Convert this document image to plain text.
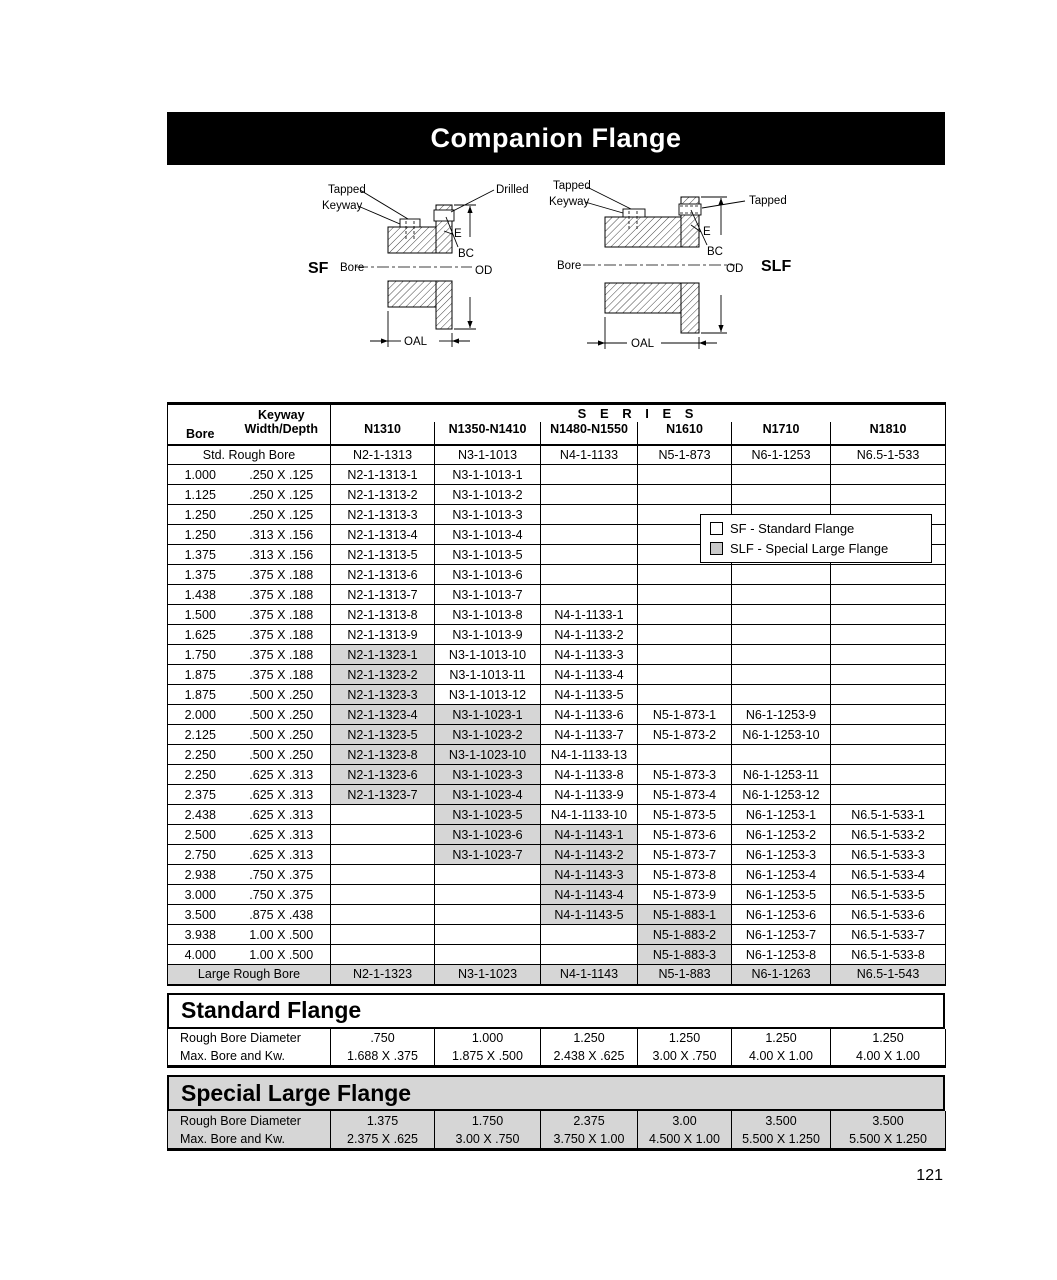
Companion Flange
Tapped
Keyway
Drilled
SF Bore
E
BC
OD
OAL
Tapped
Keyway	Tapped
Bore
E
BC
OD SLF
OAL
Bore	Keyway	S E R I E S					
	Width/Depth	N1310	N1350-N1410	N1480-N1550	N1610	N1710	N1810
Std. Rough Bore		N2-1-1313	N3-1-1013	N4-1-1133	N5-1-873	N6-1-1253	N6.5-1-533
1.000	.250 X .125	N2-1-1313-1	N3-1-1013-1				
1.125	.250 X .125	N2-1-1313-2	N3-1-1013-2				
1.250	.250 X .125	N2-1-1313-3	N3-1-1013-3				
1.250	.313 X .156	N2-1-1313-4	N3-1-1013-4				
1.375	.313 X .156	N2-1-1313-5	N3-1-1013-5				
1.375	.375 X .188	N2-1-1313-6	N3-1-1013-6				
1.438	.375 X .188	N2-1-1313-7	N3-1-1013-7				
1.500	.375 X .188	N2-1-1313-8	N3-1-1013-8	N4-1-1133-1			
1.625	.375 X .188	N2-1-1313-9	N3-1-1013-9	N4-1-1133-2			
1.750	.375 X .188	N2-1-1323-1	N3-1-1013-10	N4-1-1133-3			
1.875	.375 X .188	N2-1-1323-2	N3-1-1013-11	N4-1-1133-4			
1.875	.500 X .250	N2-1-1323-3	N3-1-1013-12	N4-1-1133-5			
2.000	.500 X .250	N2-1-1323-4	N3-1-1023-1	N4-1-1133-6	N5-1-873-1	N6-1-1253-9	
2.125	.500 X .250	N2-1-1323-5	N3-1-1023-2	N4-1-1133-7	N5-1-873-2	N6-1-1253-10	
2.250	.500 X .250	N2-1-1323-8	N3-1-1023-10	N4-1-1133-13			
2.250	.625 X .313	N2-1-1323-6	N3-1-1023-3	N4-1-1133-8	N5-1-873-3	N6-1-1253-11	
2.375	.625 X .313	N2-1-1323-7	N3-1-1023-4	N4-1-1133-9	N5-1-873-4	N6-1-1253-12	
2.438	.625 X .313		N3-1-1023-5	N4-1-1133-10	N5-1-873-5	N6-1-1253-1	N6.5-1-533-1
2.500	.625 X .313		N3-1-1023-6	N4-1-1143-1	N5-1-873-6	N6-1-1253-2	N6.5-1-533-2
2.750	.625 X .313		N3-1-1023-7	N4-1-1143-2	N5-1-873-7	N6-1-1253-3	N6.5-1-533-3
2.938	.750 X .375			N4-1-1143-3	N5-1-873-8	N6-1-1253-4	N6.5-1-533-4
3.000	.750 X .375			N4-1-1143-4	N5-1-873-9	N6-1-1253-5	N6.5-1-533-5
3.500	.875 X .438			N4-1-1143-5	N5-1-883-1	N6-1-1253-6	N6.5-1-533-6
3.938	1.00 X .500				N5-1-883-2	N6-1-1253-7	N6.5-1-533-7
4.000	1.00 X .500				N5-1-883-3	N6-1-1253-8	N6.5-1-533-8
Large Rough Bore		N2-1-1323	N3-1-1023	N4-1-1143	N5-1-883	N6-1-1263	N6.5-1-543
SF - Standard Flange
SLF - Special Large Flange
Standard Flange
Rough Bore Diameter	.750	1.000	1.250	1.250	1.250	1.250
Max. Bore and Kw.	1.688 X .375	1.875 X .500	2.438 X .625	3.00 X .750	4.00 X 1.00	4.00 X 1.00
Special Large Flange
Rough Bore Diameter	1.375	1.750	2.375	3.00	3.500	3.500
Max. Bore and Kw.	2.375 X .625	3.00 X .750	3.750 X 1.00	4.500 X 1.00	5.500 X 1.250	5.500 X 1.250
121
